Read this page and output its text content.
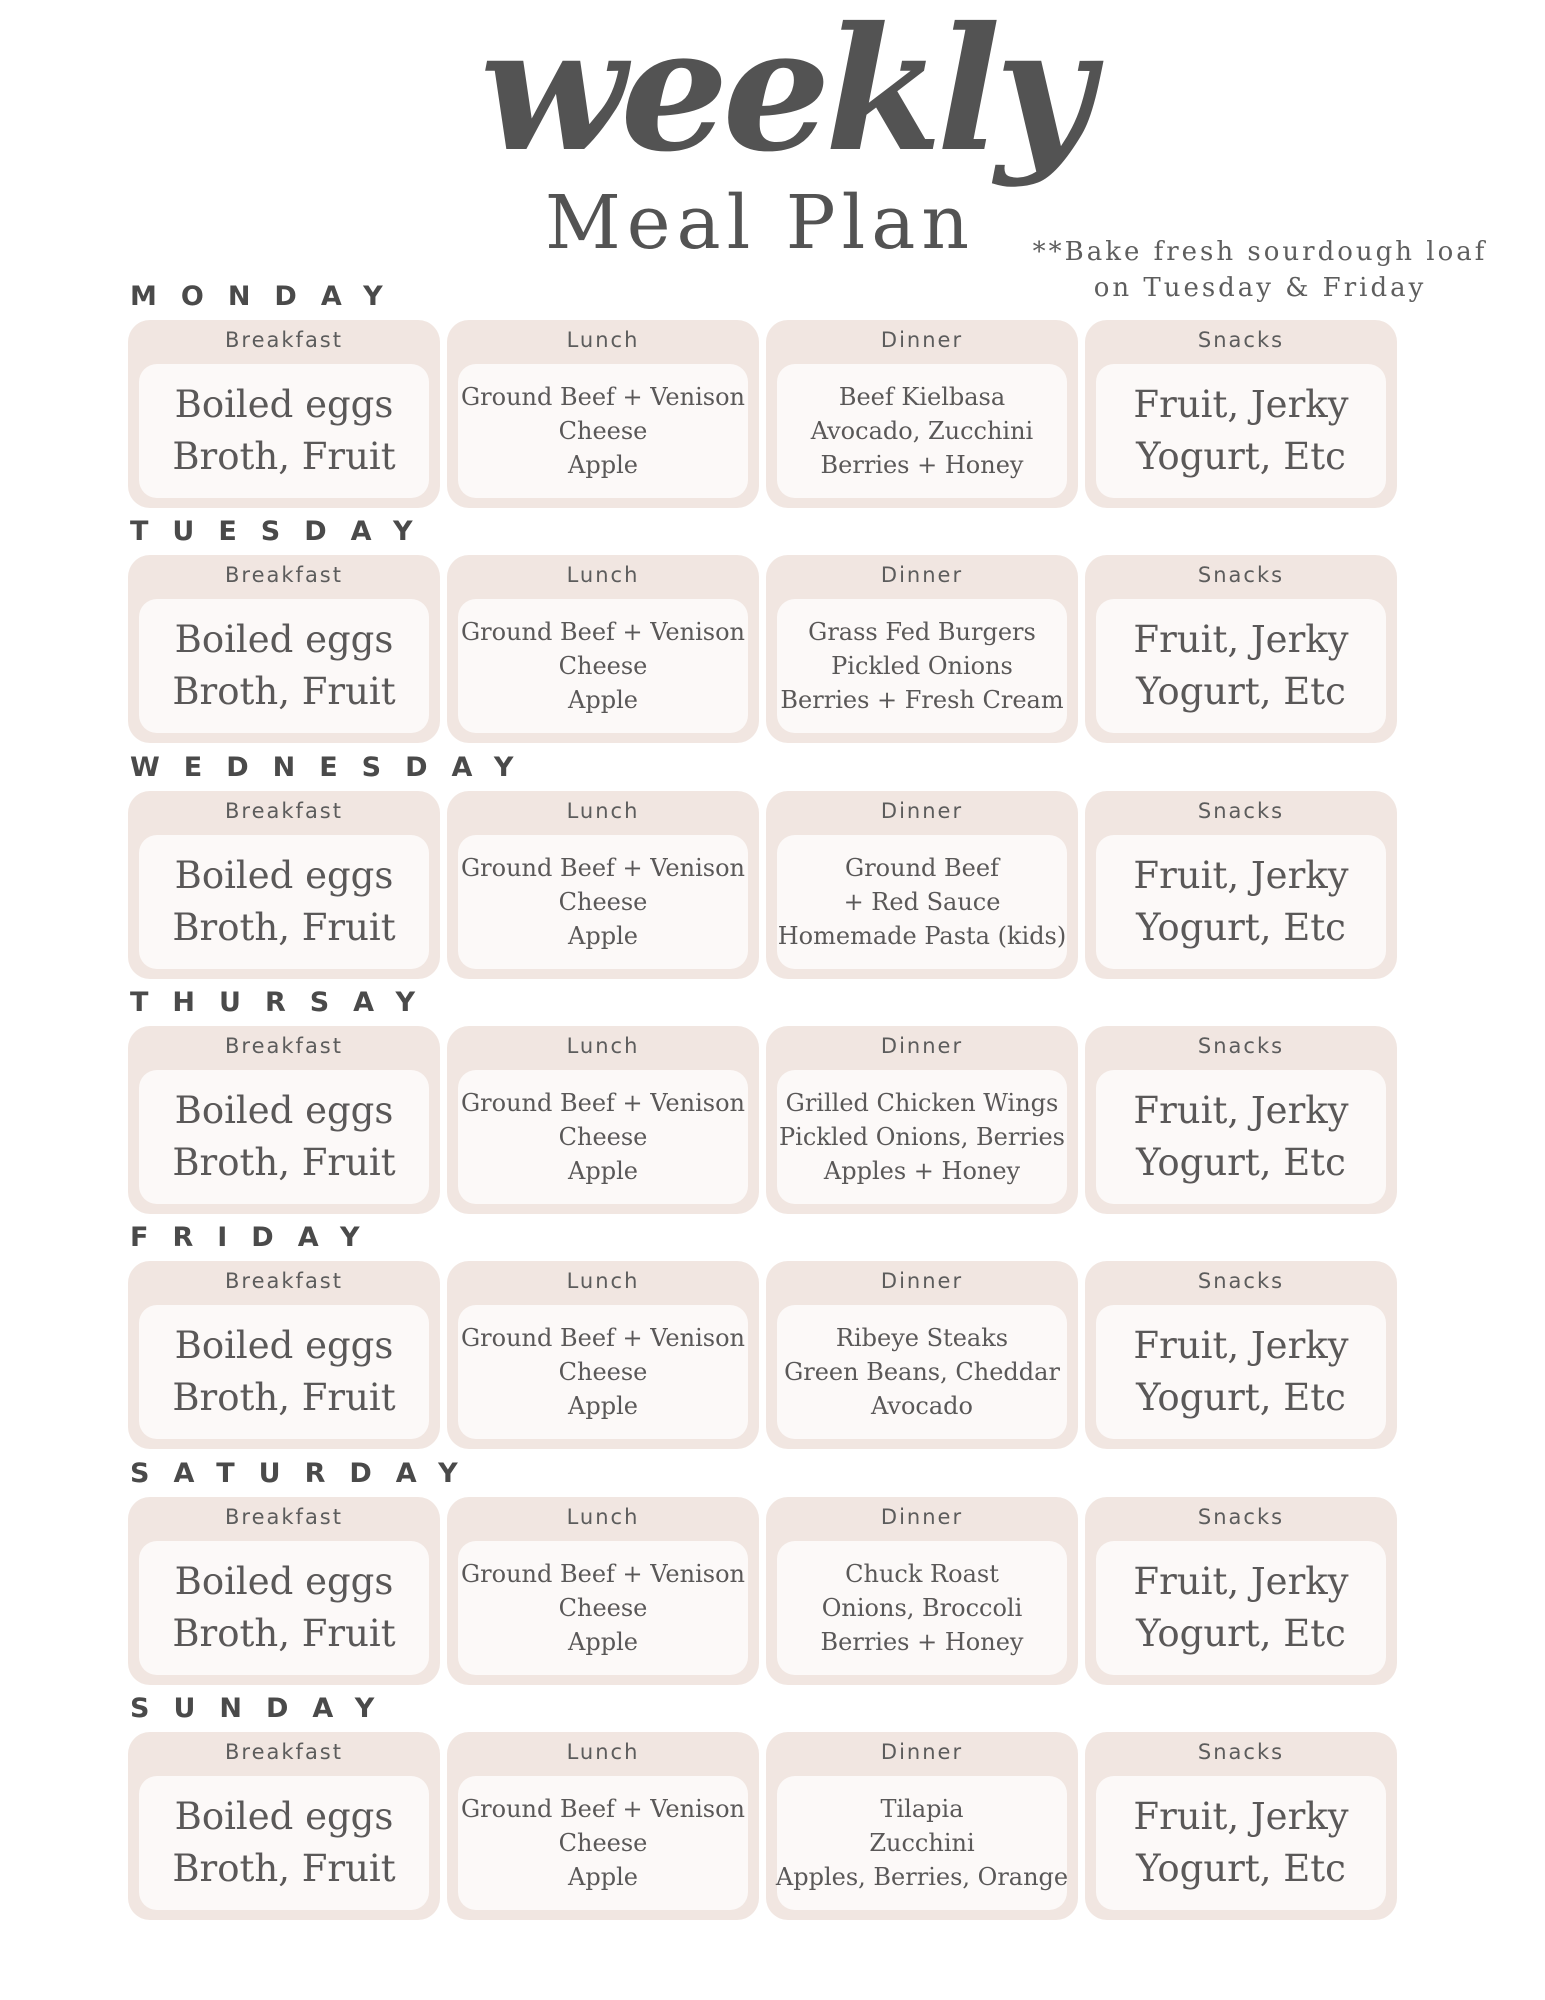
weekly
Meal Plan	**Bake fresh sourdough loaf
on Tuesday & Friday
MONDAY
Breakfast
Boiled eggs
Broth, Fruit
Lunch
Ground Beef + Venison
Cheese
Apple
Dinner
Beef Kielbasa
Avocado, Zucchini
Berries + Honey
Snacks
Fruit, Jerky
Yogurt, Etc
TUESDAY
Breakfast
Boiled eggs
Broth, Fruit
Lunch
Ground Beef + Venison
Cheese
Apple
Dinner
Grass Fed Burgers
Pickled Onions
Berries + Fresh Cream
Snacks
Fruit, Jerky
Yogurt, Etc
WEDNESDAY
Breakfast
Boiled eggs
Broth, Fruit
Lunch
Ground Beef + Venison
Cheese
Apple
Dinner
Ground Beef
+ Red Sauce
Homemade Pasta (kids)
Snacks
Fruit, Jerky
Yogurt, Etc
THURSAY
Breakfast
Boiled eggs
Broth, Fruit
Lunch
Ground Beef + Venison
Cheese
Apple
Dinner
Grilled Chicken Wings
Pickled Onions, Berries
Apples + Honey
Snacks
Fruit, Jerky
Yogurt, Etc
FRIDAY
Breakfast
Boiled eggs
Broth, Fruit
Lunch
Ground Beef + Venison
Cheese
Apple
Dinner
Ribeye Steaks
Green Beans, Cheddar
Avocado
Snacks
Fruit, Jerky
Yogurt, Etc
SATURDAY
Breakfast
Boiled eggs
Broth, Fruit
Lunch
Ground Beef + Venison
Cheese
Apple
Dinner
Chuck Roast
Onions, Broccoli
Berries + Honey
Snacks
Fruit, Jerky
Yogurt, Etc
SUNDAY
Breakfast
Boiled eggs
Broth, Fruit
Lunch
Ground Beef + Venison
Cheese
Apple
Dinner
Tilapia
Zucchini
Apples, Berries, Orange
Snacks
Fruit, Jerky
Yogurt, Etc
